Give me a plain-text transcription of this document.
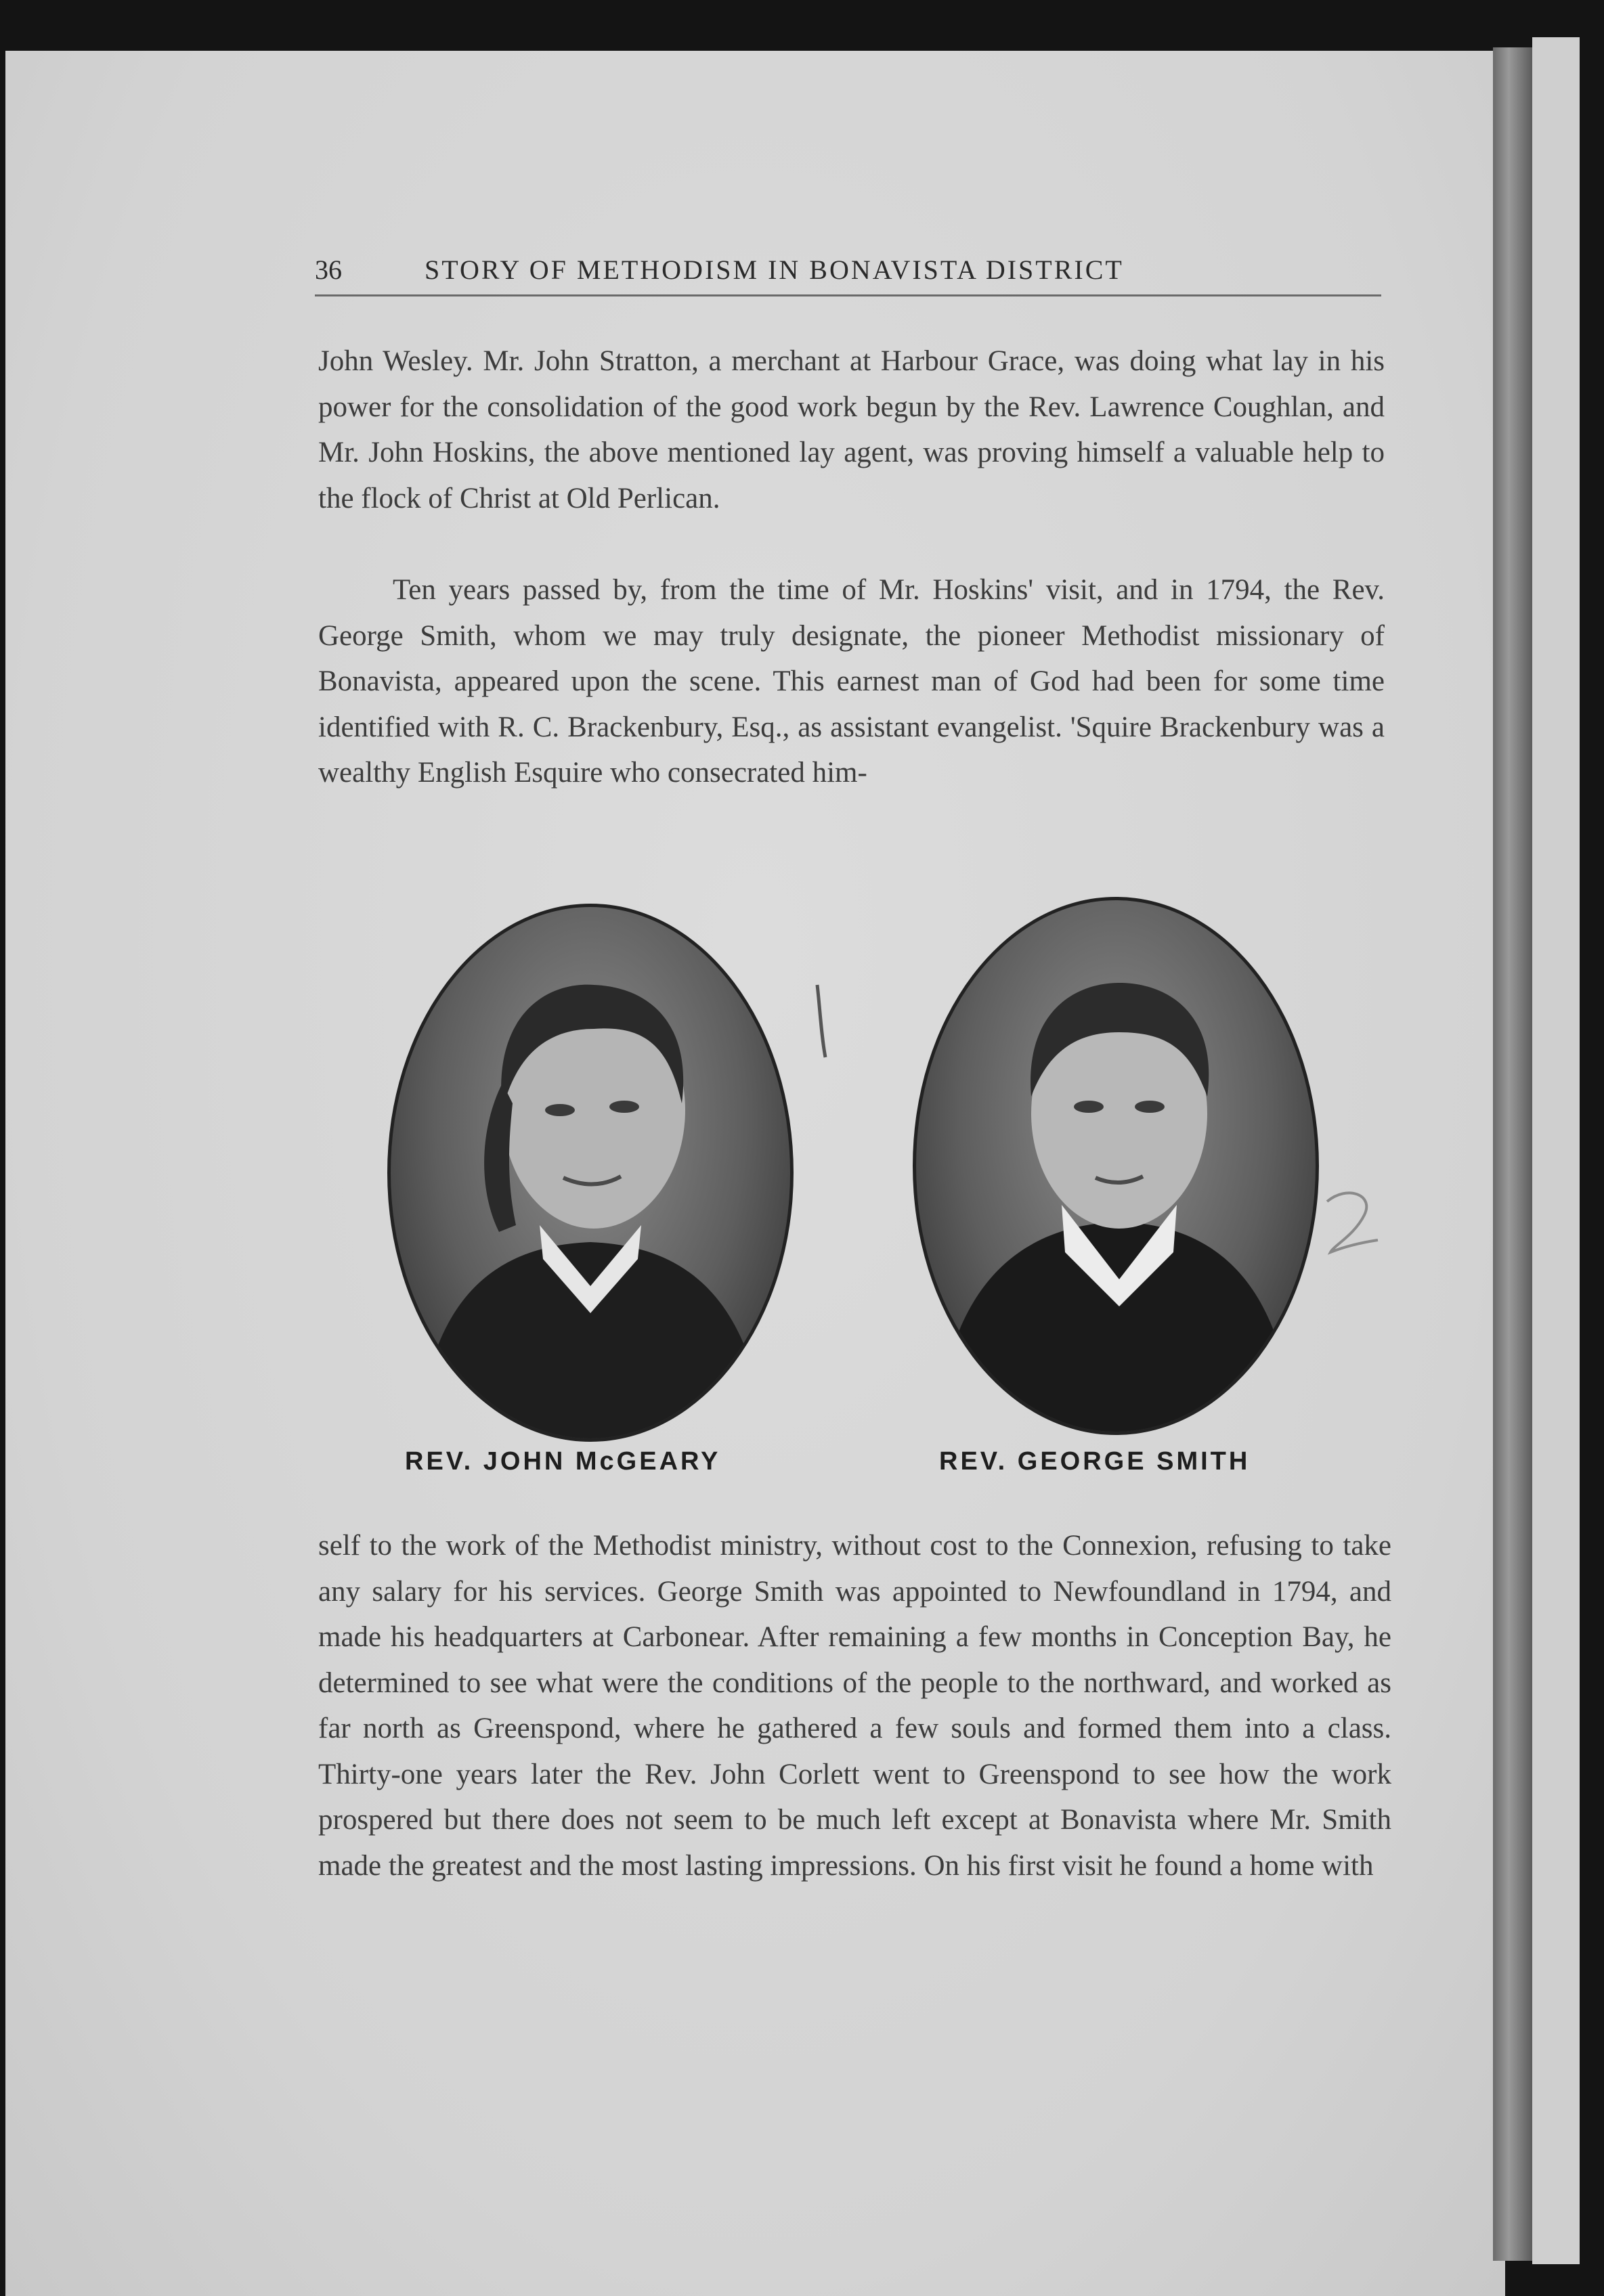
36	STORY OF METHODISM IN BONAVISTA DISTRICT

John Wesley. Mr. John Stratton, a merchant at Harbour Grace, was doing what lay in his power for the consolidation of the good work begun by the Rev. Lawrence Coughlan, and Mr. John Hoskins, the above mentioned lay agent, was proving himself a valuable help to the flock of Christ at Old Perlican.

Ten years passed by, from the time of Mr. Hoskins' visit, and in 1794, the Rev. George Smith, whom we may truly designate, the pioneer Methodist missionary of Bonavista, appeared upon the scene. This earnest man of God had been for some time identified with R. C. Brackenbury, Esq., as assistant evangelist. 'Squire Brackenbury was a wealthy English Esquire who consecrated him-

REV. JOHN McGEARY	REV. GEORGE SMITH

self to the work of the Methodist ministry, without cost to the Connexion, refusing to take any salary for his services. George Smith was appointed to Newfoundland in 1794, and made his headquarters at Carbonear. After remaining a few months in Conception Bay, he determined to see what were the conditions of the people to the northward, and worked as far north as Greenspond, where he gathered a few souls and formed them into a class. Thirty-one years later the Rev. John Corlett went to Greenspond to see how the work prospered but there does not seem to be much left except at Bonavista where Mr. Smith made the greatest and the most lasting impressions. On his first visit he found a home with
